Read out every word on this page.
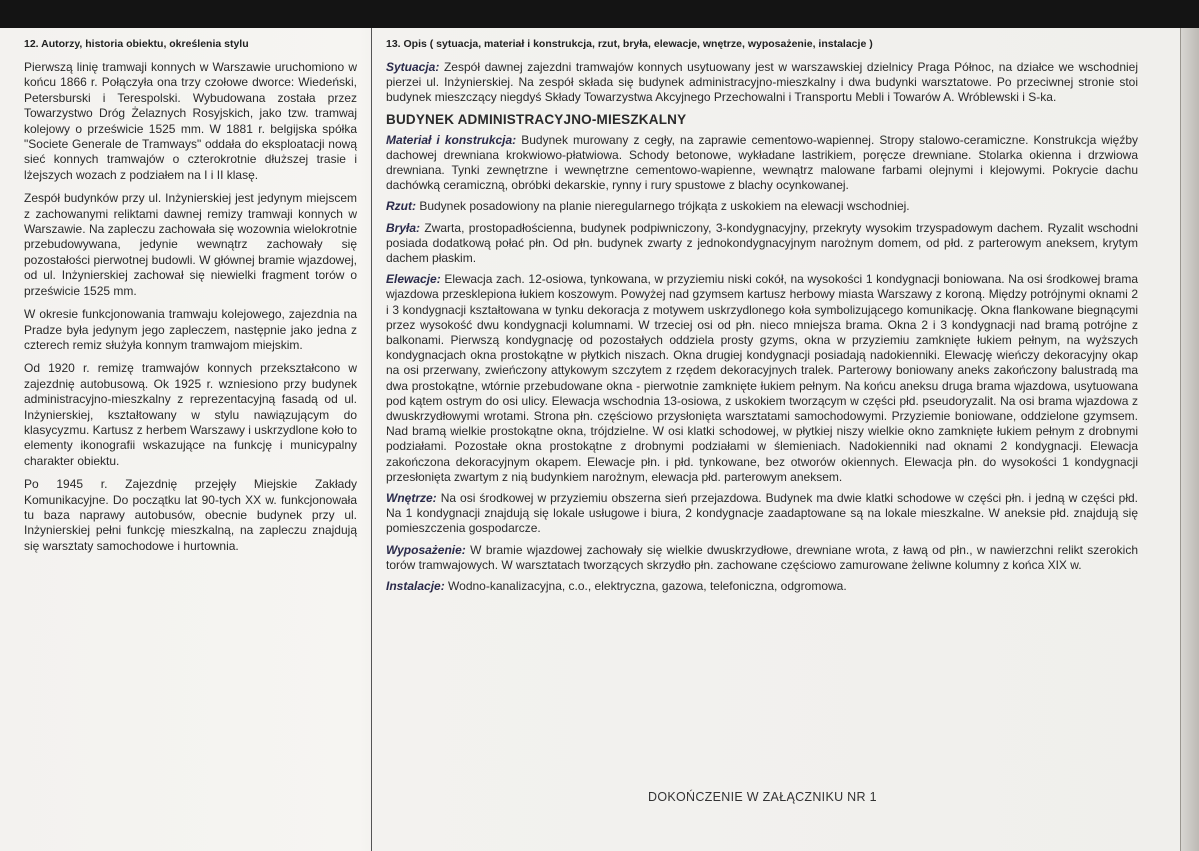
12. Autorzy, historia obiektu, określenia stylu

Pierwszą linię tramwaji konnych w Warszawie uruchomiono w końcu 1866 r. Połączyła ona trzy czołowe dworce: Wiedeński, Petersburski i Terespolski. Wybudowana została przez Towarzystwo Dróg Żelaznych Rosyjskich, jako tzw. tramwaj kolejowy o prześwicie 1525 mm. W 1881 r. belgijska spółka "Societe Generale de Tramways" oddała do eksploatacji nową sieć konnych tramwajów o czterokrotnie dłuższej trasie i lżejszych wozach z podziałem na I i II klasę.

Zespół budynków przy ul. Inżynierskiej jest jedynym miejscem z zachowanymi reliktami dawnej remizy tramwaji konnych w Warszawie. Na zapleczu zachowała się wozownia wielokrotnie przebudowywana, jedynie wewnątrz zachowały się pozostałości pierwotnej budowli. W głównej bramie wjazdowej, od ul. Inżynierskiej zachował się niewielki fragment torów o prześwicie 1525 mm.

W okresie funkcjonowania tramwaju kolejowego, zajezdnia na Pradze była jedynym jego zapleczem, następnie jako jedna z czterech remiz służyła konnym tramwajom miejskim.

Od 1920 r. remizę tramwajów konnych przekształcono w zajezdnię autobusową. Ok 1925 r. wzniesiono przy budynek administracyjno-mieszkalny z reprezentacyjną fasadą od ul. Inżynierskiej, kształtowany w stylu nawiązującym do klasycyzmu. Kartusz z herbem Warszawy i uskrzydlone koło to elementy ikonografii wskazujące na funkcję i municypalny charakter obiektu.

Po 1945 r. Zajezdnię przejęły Miejskie Zakłady Komunikacyjne. Do początku lat 90-tych XX w. funkcjonowała tu baza naprawy autobusów, obecnie budynek przy ul. Inżynierskiej pełni funkcję mieszkalną, na zapleczu znajdują się warsztaty samochodowe i hurtownia.

13. Opis ( sytuacja, materiał i konstrukcja, rzut, bryła, elewacje, wnętrze, wyposażenie, instalacje )

Sytuacja: Zespół dawnej zajezdni tramwajów konnych usytuowany jest w warszawskiej dzielnicy Praga Północ, na działce we wschodniej pierzei ul. Inżynierskiej. Na zespół składa się budynek administracyjno-mieszkalny i dwa budynki warsztatowe. Po przeciwnej stronie stoi budynek mieszczący niegdyś Składy Towarzystwa Akcyjnego Przechowalni i Transportu Mebli i Towarów A. Wróblewski i S-ka.

BUDYNEK ADMINISTRACYJNO-MIESZKALNY

Materiał i konstrukcja: Budynek murowany z cegły, na zaprawie cementowo-wapiennej. Stropy stalowo-ceramiczne. Konstrukcja więźby dachowej drewniana krokwiowo-płatwiowa. Schody betonowe, wykładane lastrikiem, poręcze drewniane. Stolarka okienna i drzwiowa drewniana. Tynki zewnętrzne i wewnętrzne cementowo-wapienne, wewnątrz malowane farbami olejnymi i klejowymi. Pokrycie dachu dachówką ceramiczną, obróbki dekarskie, rynny i rury spustowe z blachy ocynkowanej.

Rzut: Budynek posadowiony na planie nieregularnego trójkąta z uskokiem na elewacji wschodniej.

Bryła: Zwarta, prostopadłościenna, budynek podpiwniczony, 3-kondygnacyjny, przekryty wysokim trzyspadowym dachem. Ryzalit wschodni posiada dodatkową połać płn. Od płn. budynek zwarty z jednokondygnacyjnym narożnym domem, od płd. z parterowym aneksem, krytym dachem płaskim.

Elewacje: Elewacja zach. 12-osiowa, tynkowana, w przyziemiu niski cokół, na wysokości 1 kondygnacji boniowana. Na osi środkowej brama wjazdowa przesklepiona łukiem koszowym. Powyżej nad gzymsem kartusz herbowy miasta Warszawy z koroną. Między potrójnymi oknami 2 i 3 kondygnacji kształtowana w tynku dekoracja z motywem uskrzydlonego koła symbolizującego komunikację. Okna flankowane biegnącymi przez wysokość dwu kondygnacji kolumnami. W trzeciej osi od płn. nieco mniejsza brama. Okna 2 i 3 kondygnacji nad bramą potrójne z balkonami. Pierwszą kondygnację od pozostałych oddziela prosty gzyms, okna w przyziemiu zamknięte łukiem pełnym, na wyższych kondygnacjach okna prostokątne w płytkich niszach. Okna drugiej kondygnacji posiadają nadokienniki. Elewację wieńczy dekoracyjny okap na osi przerwany, zwieńczony attykowym szczytem z rzędem dekoracyjnych tralek. Parterowy boniowany aneks zakończony balustradą ma dwa prostokątne, wtórnie przebudowane okna - pierwotnie zamknięte łukiem pełnym. Na końcu aneksu druga brama wjazdowa, usytuowana pod kątem ostrym do osi ulicy. Elewacja wschodnia 13-osiowa, z uskokiem tworzącym w części płd. pseudoryzalit. Na osi brama wjazdowa z dwuskrzydłowymi wrotami. Strona płn. częściowo przysłonięta warsztatami samochodowymi. Przyziemie boniowane, oddzielone gzymsem. Nad bramą wielkie prostokątne okna, trójdzielne. W osi klatki schodowej, w płytkiej niszy wielkie okno zamknięte łukiem pełnym z drobnymi podziałami. Pozostałe okna prostokątne z drobnymi podziałami w ślemieniach. Nadokienniki nad oknami 2 kondygnacji. Elewacja zakończona dekoracyjnym okapem. Elewacje płn. i płd. tynkowane, bez otworów okiennych. Elewacja płn. do wysokości 1 kondygnacji przesłonięta zwartym z nią budynkiem narożnym, elewacja płd. parterowym aneksem.

Wnętrze: Na osi środkowej w przyziemiu obszerna sień przejazdowa. Budynek ma dwie klatki schodowe w części płn. i jedną w części płd. Na 1 kondygnacji znajdują się lokale usługowe i biura, 2 kondygnacje zaadaptowane są na lokale mieszkalne. W aneksie płd. znajdują się pomieszczenia gospodarcze.

Wyposażenie: W bramie wjazdowej zachowały się wielkie dwuskrzydłowe, drewniane wrota, z ławą od płn., w nawierzchni relikt szerokich torów tramwajowych. W warsztatach tworzących skrzydło płn. zachowane częściowo zamurowane żeliwne kolumny z końca XIX w.

Instalacje: Wodno-kanalizacyjna, c.o., elektryczna, gazowa, telefoniczna, odgromowa.

DOKOŃCZENIE W ZAŁĄCZNIKU NR 1
